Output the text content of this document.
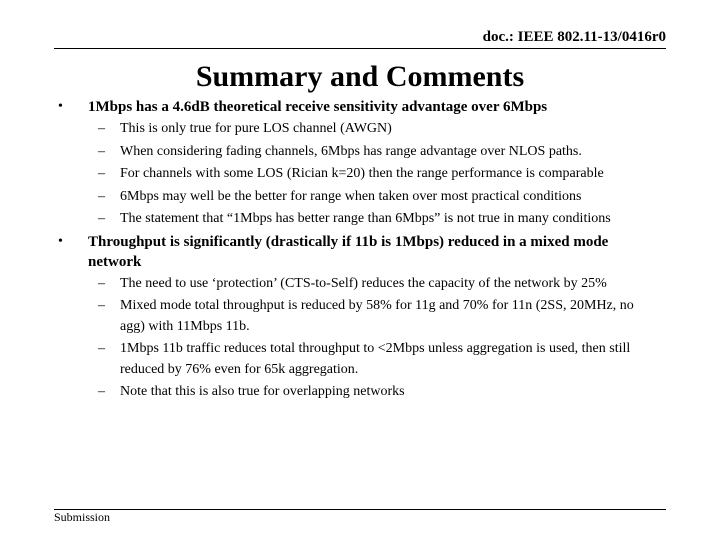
doc.: IEEE 802.11-13/0416r0
Summary and Comments
• 1Mbps has a 4.6dB theoretical receive sensitivity advantage over 6Mbps
– This is only true for pure LOS channel (AWGN)
– When considering fading channels, 6Mbps has range advantage over NLOS paths.
– For channels with some LOS (Rician k=20) then the range performance is comparable
– 6Mbps may well be the better for range when taken over most practical conditions
– The statement that “1Mbps has better range than 6Mbps” is not true in many conditions
• Throughput is significantly (drastically if 11b is 1Mbps) reduced in a mixed mode network
– The need to use ‘protection’ (CTS-to-Self) reduces the capacity of the network by 25%
– Mixed mode total throughput is reduced by 58% for 11g and 70% for 11n (2SS, 20MHz, no agg) with 11Mbps 11b.
– 1Mbps 11b traffic reduces total throughput to <2Mbps unless aggregation is used, then still reduced by 76% even for 65k aggregation.
– Note that this is also true for overlapping networks
Submission
